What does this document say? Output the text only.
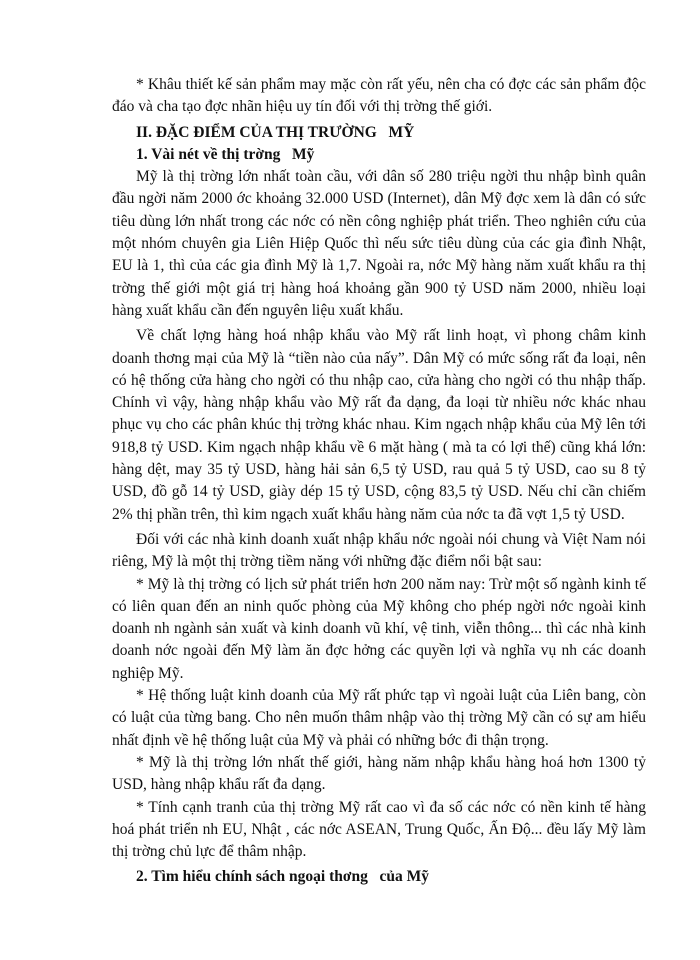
* Khâu thiết kế sản phẩm may mặc còn rất yếu, nên cha có đợc các sản phẩm độc đáo và cha tạo đợc nhãn hiệu uy tín đối với thị trờng thế giới.

II. ĐẶC ĐIỂM CỦA THỊ TRƯỜNG   MỸ

1. Vài nét về thị trờng   Mỹ

Mỹ là thị trờng lớn nhất toàn cầu, với dân số 280 triệu ngời thu nhập bình quân đầu ngời năm 2000 ớc khoảng 32.000 USD (Internet), dân Mỹ đợc xem là dân có sức tiêu dùng lớn nhất trong các nớc có nền công nghiệp phát triển. Theo nghiên cứu của một nhóm chuyên gia Liên Hiệp Quốc thì nếu sức tiêu dùng của các gia đình Nhật, EU là 1, thì của các gia đình Mỹ là 1,7. Ngoài ra, nớc Mỹ hàng năm xuất khẩu ra thị trờng thế giới một giá trị hàng hoá khoảng gần 900 tỷ USD năm 2000, nhiều loại hàng xuất khẩu cần đến nguyên liệu xuất khẩu.

Về chất lợng hàng hoá nhập khẩu vào Mỹ rất linh hoạt, vì phong châm kinh doanh thơng mại của Mỹ là “tiền nào của nấy”. Dân Mỹ có mức sống rất đa loại, nên có hệ thống cửa hàng cho ngời có thu nhập cao, cửa hàng cho ngời có thu nhập thấp. Chính vì vậy, hàng nhập khẩu vào Mỹ rất đa dạng, đa loại từ nhiều nớc khác nhau phục vụ cho các phân khúc thị trờng khác nhau. Kim ngạch nhập khẩu của Mỹ lên tới 918,8 tỷ USD. Kim ngạch nhập khẩu về 6 mặt hàng ( mà ta có lợi thế) cũng khá lớn: hàng dệt, may 35 tỷ USD, hàng hải sản 6,5 tỷ USD, rau quả 5 tỷ USD, cao su 8 tỷ USD, đồ gỗ 14 tỷ USD, giày dép 15 tỷ USD, cộng 83,5 tỷ USD. Nếu chỉ cần chiếm 2% thị phần trên, thì kim ngạch xuất khẩu hàng năm của nớc ta đã vợt 1,5 tỷ USD.

Đối với các nhà kinh doanh xuất nhập khẩu nớc ngoài nói chung và Việt Nam nói riêng, Mỹ là một thị trờng tiềm năng với những đặc điểm nổi bật sau:

* Mỹ là thị trờng có lịch sử phát triển hơn 200 năm nay: Trừ một số ngành kinh tế có liên quan đến an ninh quốc phòng của Mỹ không cho phép ngời nớc ngoài kinh doanh nh ngành sản xuất và kinh doanh vũ khí, vệ tinh, viễn thông... thì các nhà kinh doanh nớc ngoài đến Mỹ làm ăn đợc hởng các quyền lợi và nghĩa vụ nh các doanh nghiệp Mỹ.

* Hệ thống luật kinh doanh của Mỹ rất phức tạp vì ngoài luật của Liên bang, còn có luật của từng bang. Cho nên muốn thâm nhập vào thị trờng Mỹ cần có sự am hiểu nhất định về hệ thống luật của Mỹ và phải có những bớc đi thận trọng.

* Mỹ là thị trờng lớn nhất thế giới, hàng năm nhập khẩu hàng hoá hơn 1300 tỷ USD, hàng nhập khẩu rất đa dạng.

* Tính cạnh tranh của thị trờng Mỹ rất cao vì đa số các nớc có nền kinh tế hàng hoá phát triển nh EU, Nhật , các nớc ASEAN, Trung Quốc, Ấn Độ... đều lấy Mỹ làm thị trờng chủ lực để thâm nhập.

2. Tìm hiểu chính sách ngoại thơng   của Mỹ
